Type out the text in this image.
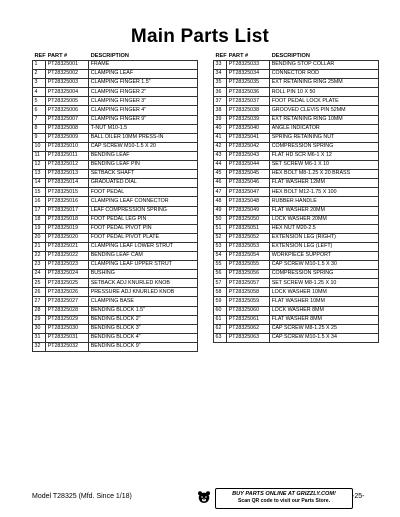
Main Parts List
REF	PART #	DESCRIPTION
1	PT28325001	FRAME
2	PT28325002	CLAMPING LEAF
3	PT28325003	CLAMPING FINGER 1.5"
4	PT28325004	CLAMPING FINGER 2"
5	PT28325005	CLAMPING FINGER 3"
6	PT28325006	CLAMPING FINGER 4"
7	PT28325007	CLAMPING FINGER 9"
8	PT28325008	T-NUT M10-1.5
9	PT28325009	BALL OILER 10MM PRESS-IN
10	PT28325010	CAP SCREW M10-1.5 X 20
11	PT28325011	BENDING LEAF
12	PT28325012	BENDING LEAF PIN
13	PT28325013	SETBACK SHAFT
14	PT28325014	GRADUATED DIAL
15	PT28325015	FOOT PEDAL
16	PT28325016	CLAMPING LEAF CONNECTOR
17	PT28325017	LEAF COMPRESSION SPRING
18	PT28325018	FOOT PEDAL LEG PIN
19	PT28325019	FOOT PEDAL PIVOT PIN
20	PT28325020	FOOT PEDAL PIVOT PLATE
21	PT28325021	CLAMPING LEAF LOWER STRUT
22	PT28325022	BENDING LEAF CAM
23	PT28325023	CLAMPING LEAF UPPER STRUT
24	PT28325024	BUSHING
25	PT28325025	SETBACK ADJ KNURLED KNOB
26	PT28325026	PRESSURE ADJ KNURLED KNOB
27	PT28325027	CLAMPING BASE
28	PT28325028	BENDING BLOCK 1.5"
29	PT28325029	BENDING BLOCK 2"
30	PT28325030	BENDING BLOCK 3"
31	PT28325031	BENDING BLOCK 4"
32	PT28325032	BENDING BLOCK 9"
REF	PART #	DESCRIPTION
33	PT28325033	BENDING STOP COLLAR
34	PT28325034	CONNECTOR ROD
35	PT28325035	EXT RETAINING RING 25MM
36	PT28325036	ROLL PIN 10 X 50
37	PT28325037	FOOT PEDAL LOCK PLATE
38	PT28325038	GROOVED CLEVIS PIN 52MM
39	PT28325039	EXT RETAINING RING 10MM
40	PT28325040	ANGLE INDICATOR
41	PT28325041	SPRING RETAINING NUT
42	PT28325042	COMPRESSION SPRING
43	PT28325043	FLAT HD SCR M6-1 X 12
44	PT28325044	SET SCREW M6-1 X 10
45	PT28325045	HEX BOLT M8-1.25 X 20 BRASS
46	PT28325046	FLAT WASHER 12MM
47	PT28325047	HEX BOLT M12-1.75 X 100
48	PT28325048	RUBBER HANDLE
49	PT28325049	FLAT WASHER 20MM
50	PT28325050	LOCK WASHER 20MM
51	PT28325051	HEX NUT M20-2.5
52	PT28325052	EXTENSION LEG (RIGHT)
53	PT28325053	EXTENSION LEG (LEFT)
54	PT28325054	WORKPIECE SUPPORT
55	PT28325055	CAP SCREW M10-1.5 X 30
56	PT28325056	COMPRESSION SPRING
57	PT28325057	SET SCREW M8-1.25 X 10
58	PT28325058	LOCK WASHER 10MM
59	PT28325059	FLAT WASHER 10MM
60	PT28325060	LOCK WASHER 8MM
61	PT28325061	FLAT WASHER 8MM
62	PT28325062	CAP SCREW M8-1.25 X 25
63	PT28325063	CAP SCREW M10-1.5 X 34
Model T28325 (Mfd. Since 1/18)	BUY PARTS ONLINE AT GRIZZLY.COM!
Scan QR code to visit our Parts Store.
-25-
